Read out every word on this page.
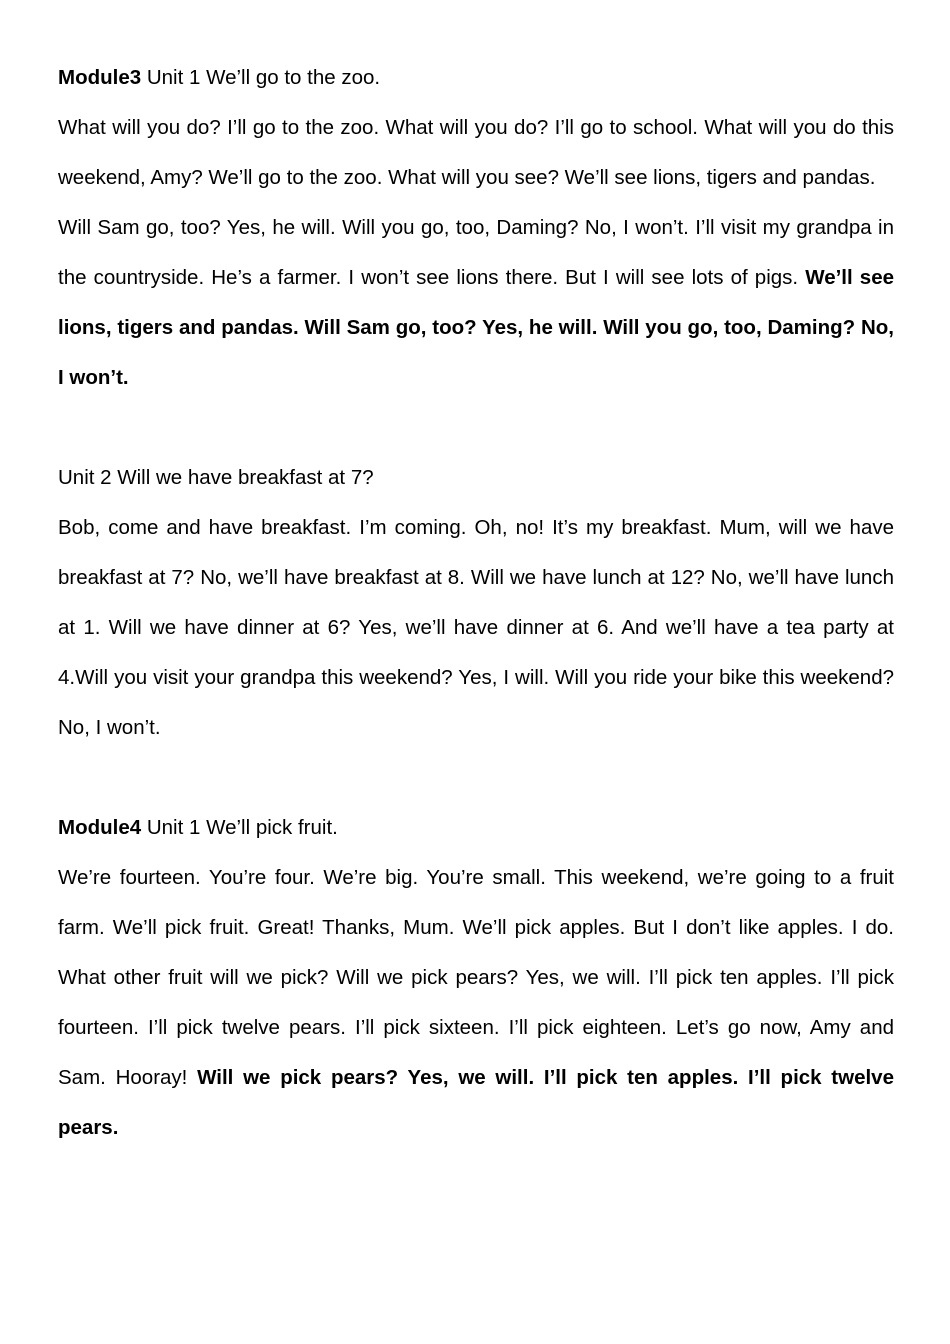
Module3 Unit 1 We’ll go to the zoo.

What will you do? I’ll go to the zoo. What will you do? I’ll go to school. What will you do this weekend, Amy? We’ll go to the zoo. What will you see? We’ll see lions, tigers and pandas.

Will Sam go, too? Yes, he will. Will you go, too, Daming? No, I won’t. I’ll visit my grandpa in the countryside. He’s a farmer. I won’t see lions there. But I will see lots of pigs. We’ll see lions, tigers and pandas. Will Sam go, too? Yes, he will. Will you go, too, Daming? No, I won’t.

Unit 2 Will we have breakfast at 7?

Bob, come and have breakfast. I’m coming. Oh, no! It’s my breakfast. Mum, will we have breakfast at 7? No, we’ll have breakfast at 8. Will we have lunch at 12? No, we’ll have lunch at 1. Will we have dinner at 6? Yes, we’ll have dinner at 6. And we’ll have a tea party at 4.Will you visit your grandpa this weekend? Yes, I will. Will you ride your bike this weekend? No, I won’t.

Module4 Unit 1 We’ll pick fruit.

We’re fourteen. You’re four. We’re big. You’re small. This weekend, we’re going to a fruit farm. We’ll pick fruit. Great! Thanks, Mum. We’ll pick apples. But I don’t like apples. I do. What other fruit will we pick? Will we pick pears? Yes, we will. I’ll pick ten apples. I’ll pick fourteen. I’ll pick twelve pears. I’ll pick sixteen. I’ll pick eighteen. Let’s go now, Amy and Sam. Hooray! Will we pick pears? Yes, we will. I’ll pick ten apples. I’ll pick twelve pears.
